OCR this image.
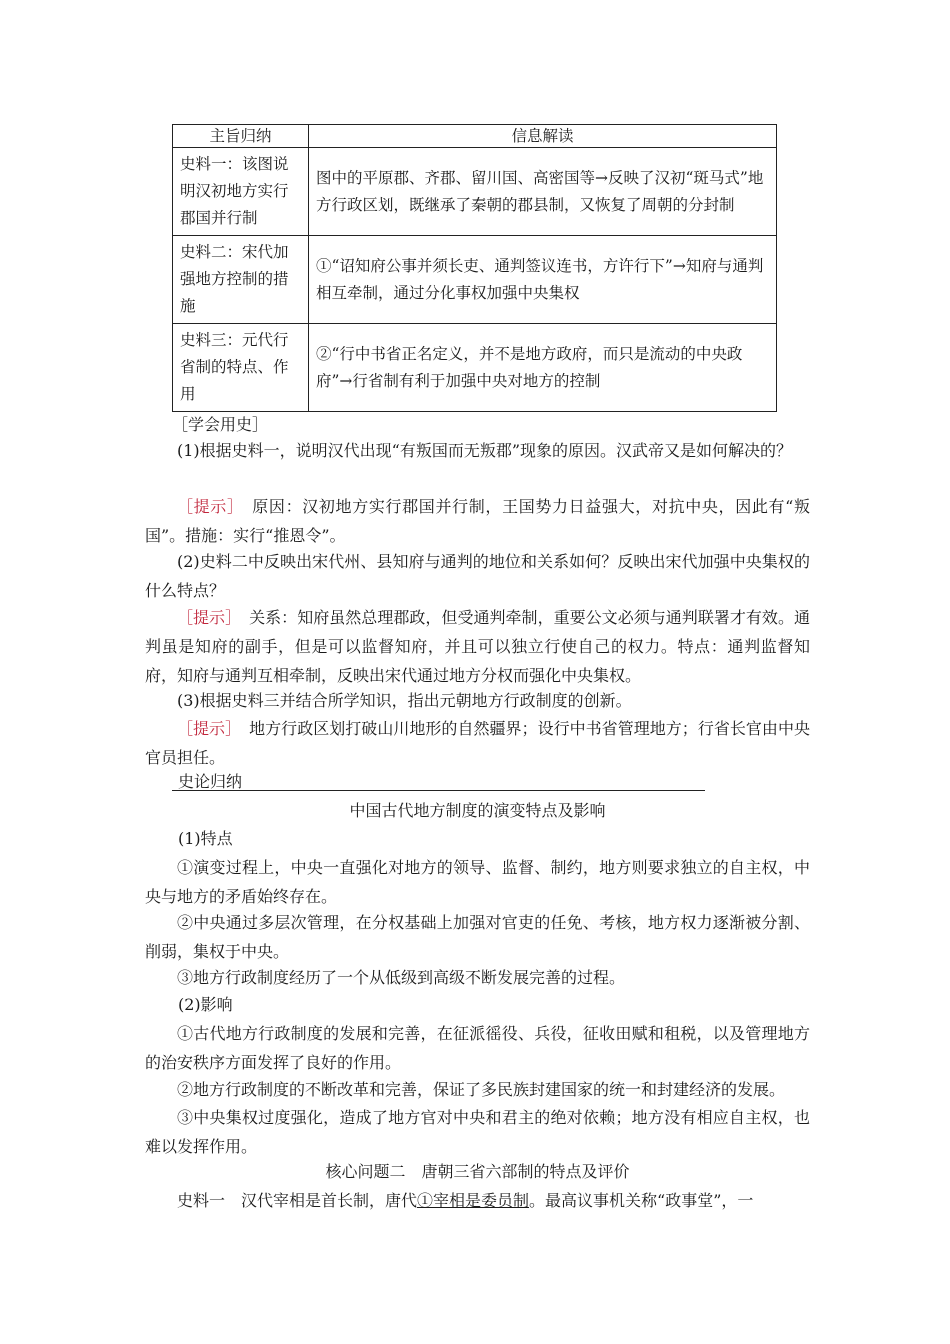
主旨归纳	信息解读
史料一：该图说明汉初地方实行郡国并行制	图中的平原郡、齐郡、留川国、高密国等→反映了汉初“斑马式”地方行政区划，既继承了秦朝的郡县制，又恢复了周朝的分封制
史料二：宋代加强地方控制的措施	①“诏知府公事并须长吏、通判签议连书，方许行下”→知府与通判相互牵制，通过分化事权加强中央集权
史料三：元代行省制的特点、作用	②“行中书省正名定义，并不是地方政府，而只是流动的中央政府”→行省制有利于加强中央对地方的控制
［学会用史］
(1)根据史料一，说明汉代出现“有叛国而无叛郡”现象的原因。汉武帝又是如何解决的？
［提示］　原因：汉初地方实行郡国并行制，王国势力日益强大，对抗中央，因此有“叛国”。措施：实行“推恩令”。
(2)史料二中反映出宋代州、县知府与通判的地位和关系如何？反映出宋代加强中央集权的什么特点？
［提示］　关系：知府虽然总理郡政，但受通判牵制，重要公文必须与通判联署才有效。通判虽是知府的副手，但是可以监督知府，并且可以独立行使自己的权力。特点：通判监督知府，知府与通判互相牵制，反映出宋代通过地方分权而强化中央集权。
(3)根据史料三并结合所学知识，指出元朝地方行政制度的创新。
［提示］　地方行政区划打破山川地形的自然疆界；设行中书省管理地方；行省长官由中央官员担任。
史论归纳
中国古代地方制度的演变特点及影响
(1)特点
①演变过程上，中央一直强化对地方的领导、监督、制约，地方则要求独立的自主权，中央与地方的矛盾始终存在。
②中央通过多层次管理，在分权基础上加强对官吏的任免、考核，地方权力逐渐被分割、削弱，集权于中央。
③地方行政制度经历了一个从低级到高级不断发展完善的过程。
(2)影响
①古代地方行政制度的发展和完善，在征派徭役、兵役，征收田赋和租税，以及管理地方的治安秩序方面发挥了良好的作用。
②地方行政制度的不断改革和完善，保证了多民族封建国家的统一和封建经济的发展。
③中央集权过度强化，造成了地方官对中央和君主的绝对依赖；地方没有相应自主权，也难以发挥作用。
核心问题二　唐朝三省六部制的特点及评价
史料一　汉代宰相是首长制，唐代①宰相是委员制。最高议事机关称“政事堂”，一
